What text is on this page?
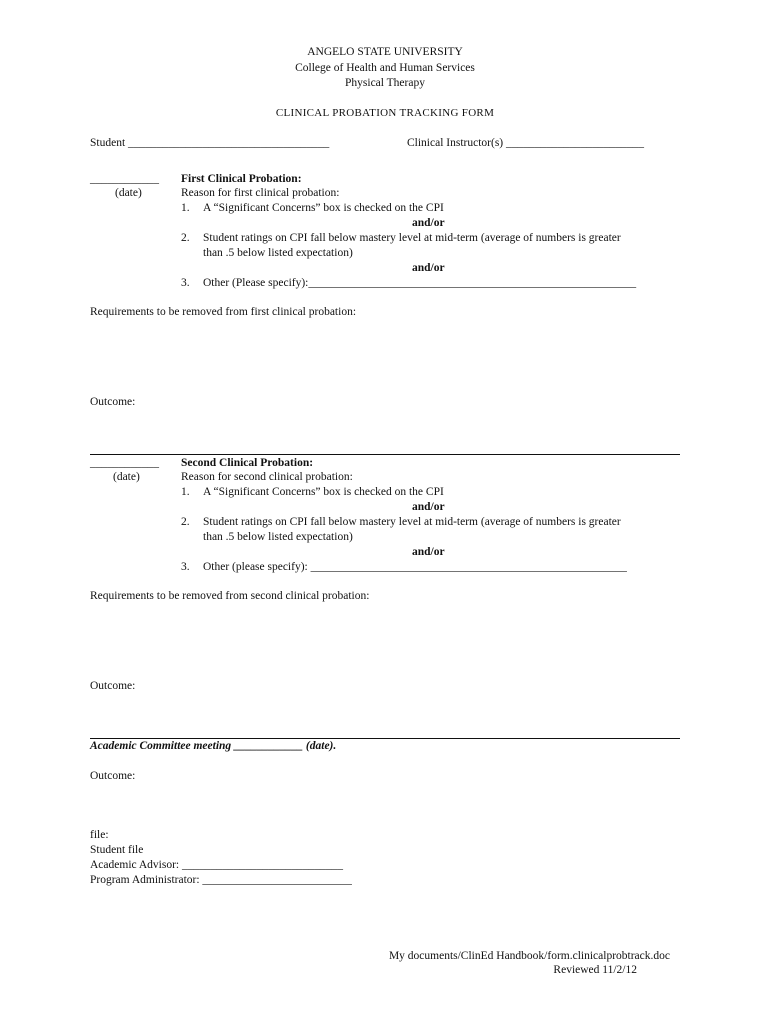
ANGELO STATE UNIVERSITY
College of Health and Human Services
Physical Therapy
CLINICAL PROBATION TRACKING FORM
Student ___________________________________	Clinical Instructor(s) ________________________
____________
(date)
First Clinical Probation:
Reason for first clinical probation:
1. A “Significant Concerns” box is checked on the CPI
and/or
2. Student ratings on CPI fall below mastery level at mid-term (average of numbers is greater
than .5 below listed expectation)
and/or
3. Other (Please specify):_________________________________________________________
Requirements to be removed from first clinical probation:
Outcome:
____________
(date)
Second Clinical Probation:
Reason for second clinical probation:
1. A “Significant Concerns” box is checked on the CPI
and/or
2. Student ratings on CPI fall below mastery level at mid-term (average of numbers is greater
than .5 below listed expectation)
and/or
3. Other (please specify): _______________________________________________________
Requirements to be removed from second clinical probation:
Outcome:
Academic Committee meeting ____________ (date).
Outcome:
file:
Student file
Academic Advisor: ____________________________
Program Administrator: __________________________
My documents/ClinEd Handbook/form.clinicalprobtrack.doc
Reviewed 11/2/12
